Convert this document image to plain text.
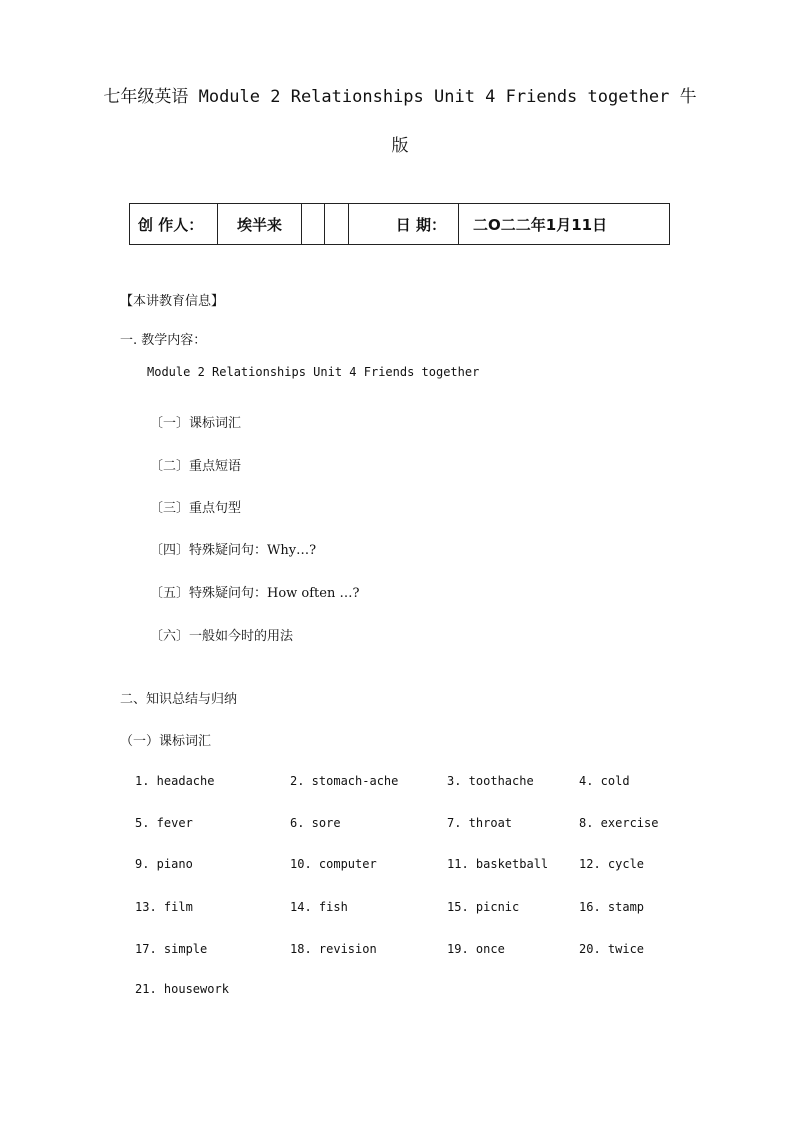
七年级英语 Module 2 Relationships Unit 4 Friends together 牛
版
创 作人：	埃半来	日 期：	二O二二年1月11日
【本讲教育信息】
一. 教学内容：
Module 2 Relationships Unit 4 Friends together
〔一〕课标词汇
〔二〕重点短语
〔三〕重点句型
〔四〕特殊疑问句：Why…?
〔五〕特殊疑问句：How often …?
〔六〕一般如今时的用法
二、知识总结与归纳
（一）课标词汇
1. headache	2. stomach-ache	3. toothache	4. cold
5. fever	6. sore	7. throat	8. exercise
9. piano	10. computer	11. basketball	12. cycle
13. film	14. fish	15. picnic	16. stamp
17. simple	18. revision	19. once	20. twice
21. housework
